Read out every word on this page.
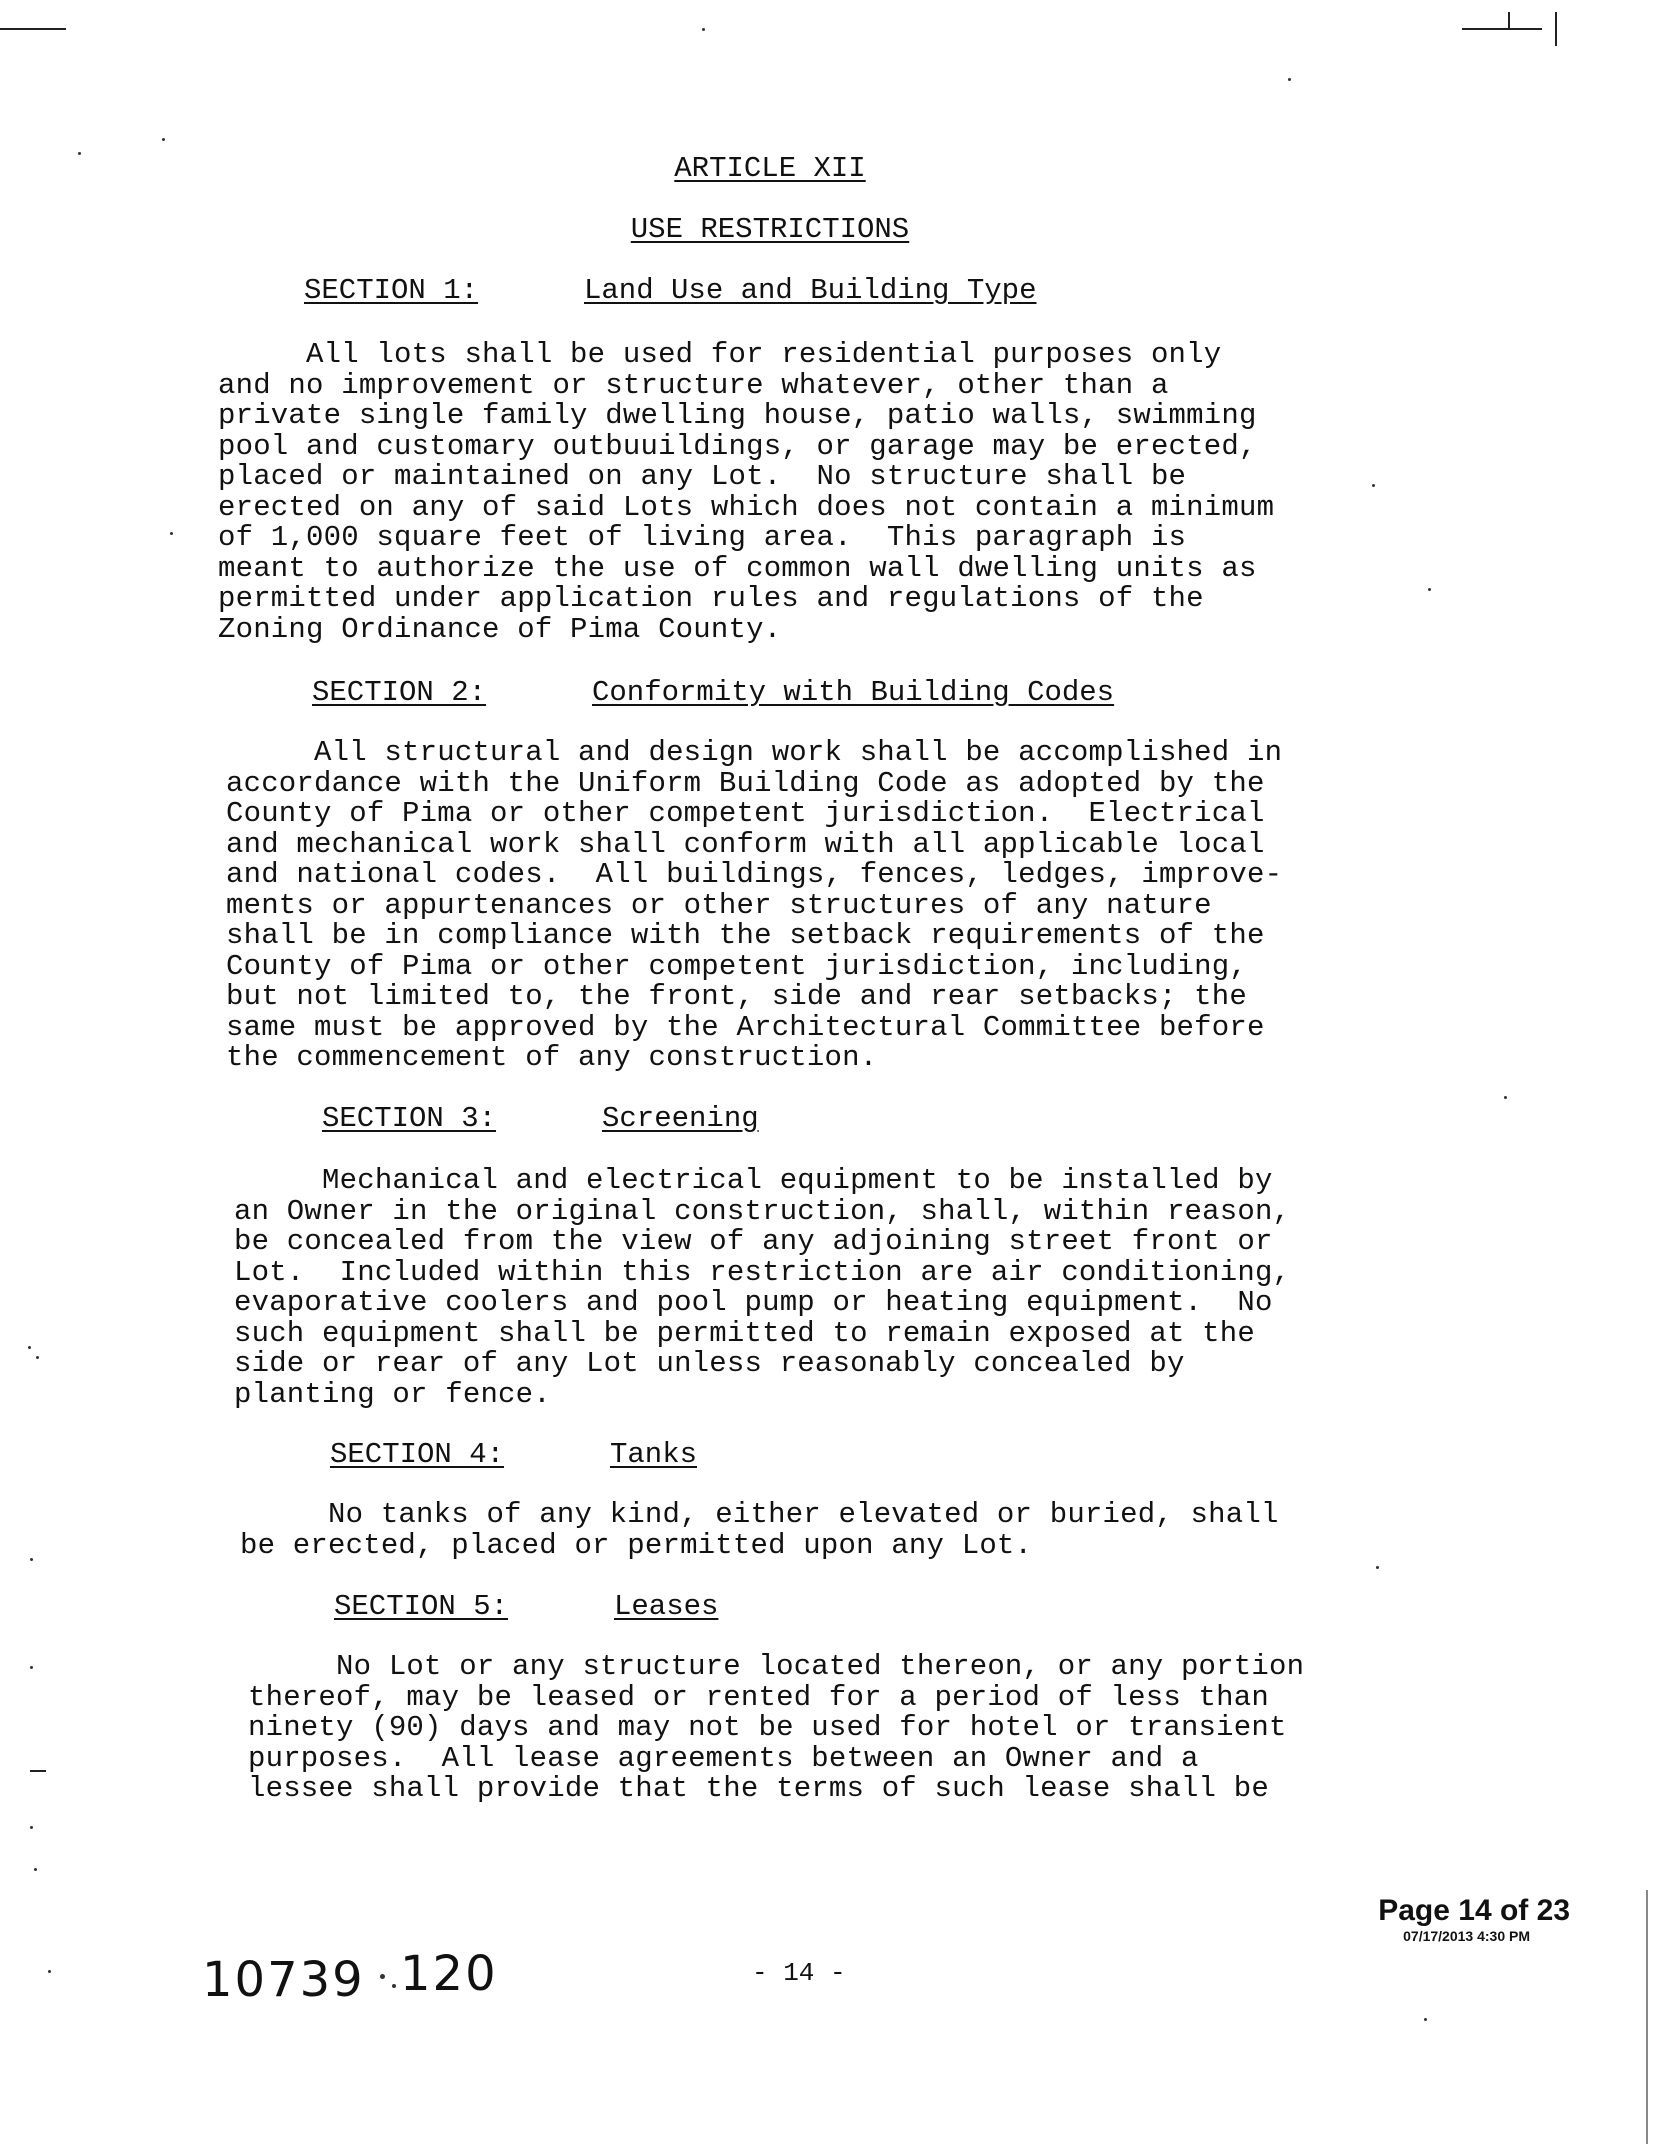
ARTICLE XII
USE RESTRICTIONS
SECTION 1:	Land Use and Building Type
All lots shall be used for residential purposes only
and no improvement or structure whatever, other than a
private single family dwelling house, patio walls, swimming
pool and customary outbuuildings, or garage may be erected,
placed or maintained on any Lot.  No structure shall be
erected on any of said Lots which does not contain a minimum
of 1,000 square feet of living area.  This paragraph is
meant to authorize the use of common wall dwelling units as
permitted under application rules and regulations of the
Zoning Ordinance of Pima County.
SECTION 2:	Conformity with Building Codes
All structural and design work shall be accomplished in
accordance with the Uniform Building Code as adopted by the
County of Pima or other competent jurisdiction.  Electrical
and mechanical work shall conform with all applicable local
and national codes.  All buildings, fences, ledges, improve-
ments or appurtenances or other structures of any nature
shall be in compliance with the setback requirements of the
County of Pima or other competent jurisdiction, including,
but not limited to, the front, side and rear setbacks; the
same must be approved by the Architectural Committee before
the commencement of any construction.
SECTION 3:	Screening
Mechanical and electrical equipment to be installed by
an Owner in the original construction, shall, within reason,
be concealed from the view of any adjoining street front or
Lot.  Included within this restriction are air conditioning,
evaporative coolers and pool pump or heating equipment.  No
such equipment shall be permitted to remain exposed at the
side or rear of any Lot unless reasonably concealed by
planting or fence.
SECTION 4:	Tanks
No tanks of any kind, either elevated or buried, shall
be erected, placed or permitted upon any Lot.
SECTION 5:	Leases
No Lot or any structure located thereon, or any portion
thereof, may be leased or rented for a period of less than
ninety (90) days and may not be used for hotel or transient
purposes.  All lease agreements between an Owner and a
lessee shall provide that the terms of such lease shall be
Page 14 of 23
07/17/2013 4:30 PM
10739 120	- 14 -
